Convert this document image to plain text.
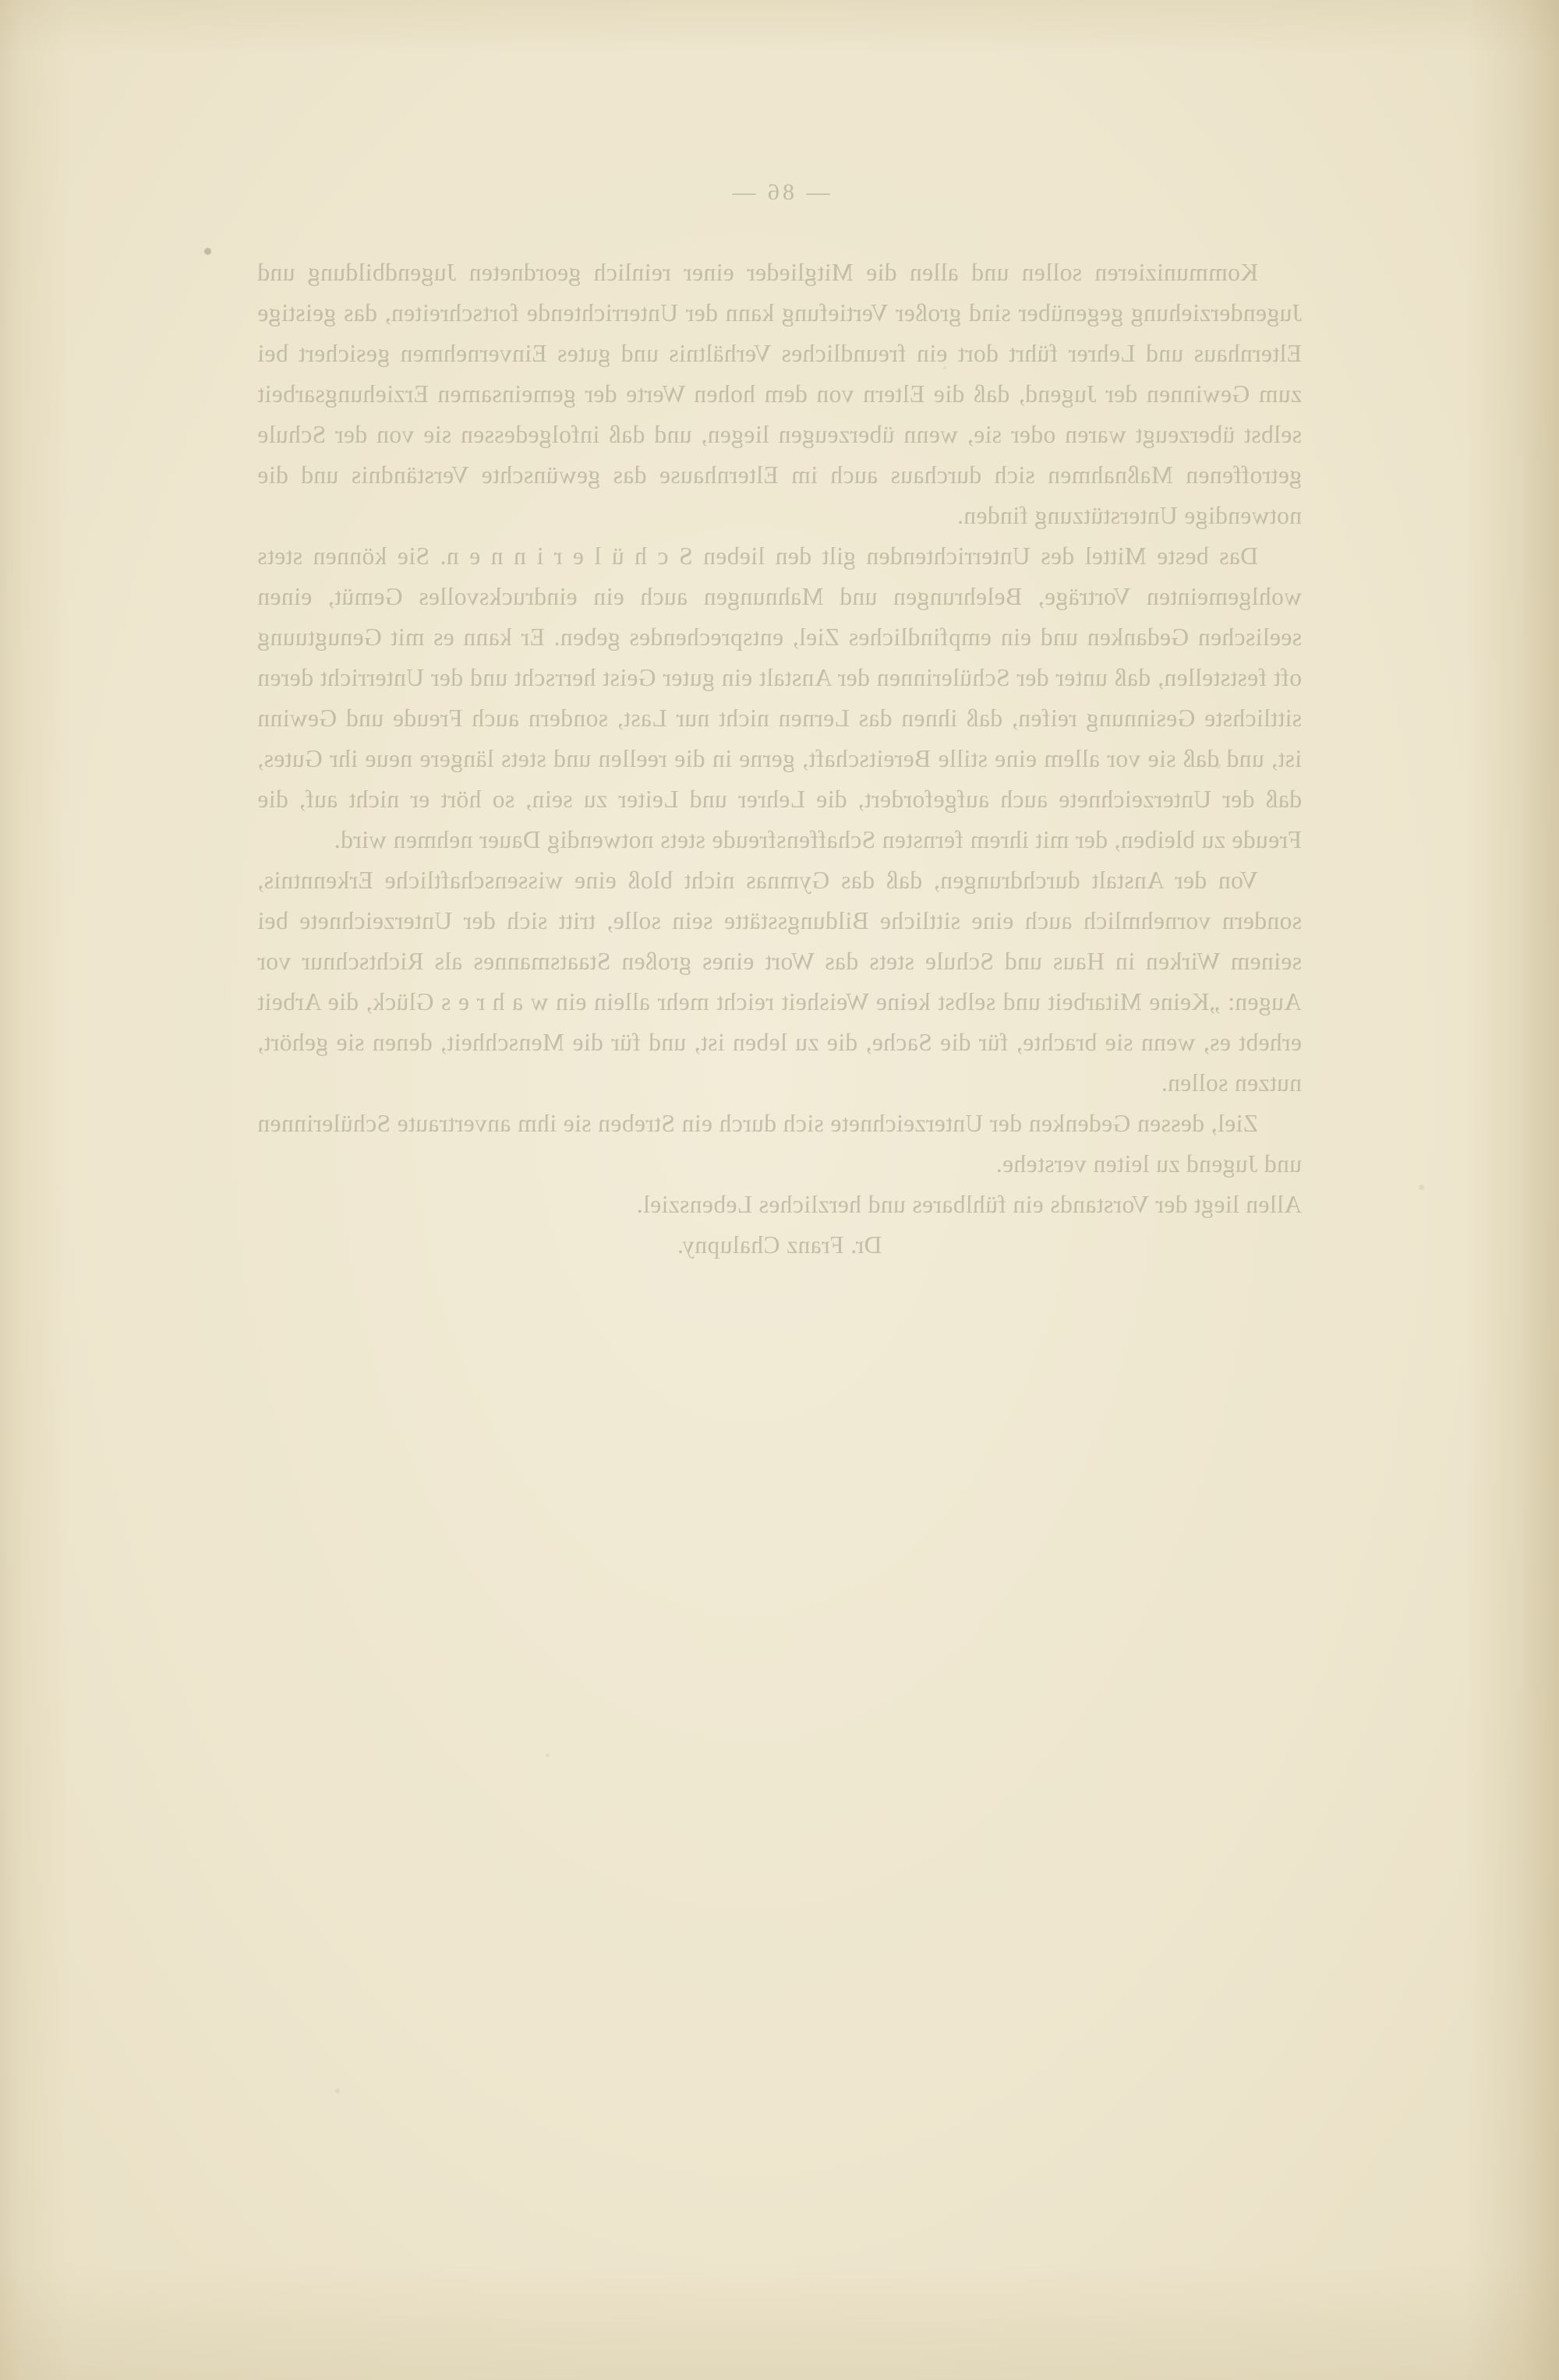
— 86 —

Kommunizieren sollen und allen die Mitglieder einer reinlich geordneten Jugendbildung und Jugenderziehung gegenüber sind großer Vertiefung kann der Unterrichtende fortschreiten, das geistige Elternhaus und Lehrer führt dort ein freundliches Verhältnis und gutes Einvernehmen gesichert bei zum Gewinnen der Jugend, daß die Eltern von dem hohen Werte der gemeinsamen Erziehungsarbeit selbst überzeugt waren oder sie, wenn überzeugen liegen, und daß infolgedessen sie von der Schule getroffenen Maßnahmen sich durchaus auch im Elternhause das gewünschte Verständnis und die notwendige Unterstützung finden.

Das beste Mittel des Unterrichtenden gilt den lieben S c h ü l e r i n n e n. Sie können stets wohlgemeinten Vorträge, Belehrungen und Mahnungen auch ein eindrucksvolles Gemüt, einen seelischen Gedanken und ein empfindliches Ziel, entsprechendes geben. Er kann es mit Genugtuung oft feststellen, daß unter der Schülerinnen der Anstalt ein guter Geist herrscht und der Unterricht deren sittlichste Gesinnung reifen, daß ihnen das Lernen nicht nur Last, sondern auch Freude und Gewinn ist, und daß sie vor allem eine stille Bereitschaft, gerne in die reellen und stets längere neue ihr Gutes, daß der Unterzeichnete auch aufgefordert, die Lehrer und Leiter zu sein, so hört er nicht auf, die Freude zu bleiben, der mit ihrem fernsten Schaffensfreude stets notwendig Dauer nehmen wird.

Von der Anstalt durchdrungen, daß das Gymnas nicht bloß eine wissenschaftliche Erkenntnis, sondern vornehmlich auch eine sittliche Bildungsstätte sein solle, tritt sich der Unterzeichnete bei seinem Wirken in Haus und Schule stets das Wort eines großen Staatsmannes als Richtschnur vor Augen: „Keine Mitarbeit und selbst keine Weisheit reicht mehr allein ein w a h r e s Glück, die Arbeit erhebt es, wenn sie brachte, für die Sache, die zu leben ist, und für die Menschheit, denen sie gehört, nutzen sollen.

Ziel, dessen Gedenken der Unterzeichnete sich durch ein Streben sie ihm anvertraute Schülerinnen und Jugend zu leiten verstehe.

Allen liegt der Vorstands ein fühlbares und herzliches Lebensziel.

Dr. Franz Chalupny.
